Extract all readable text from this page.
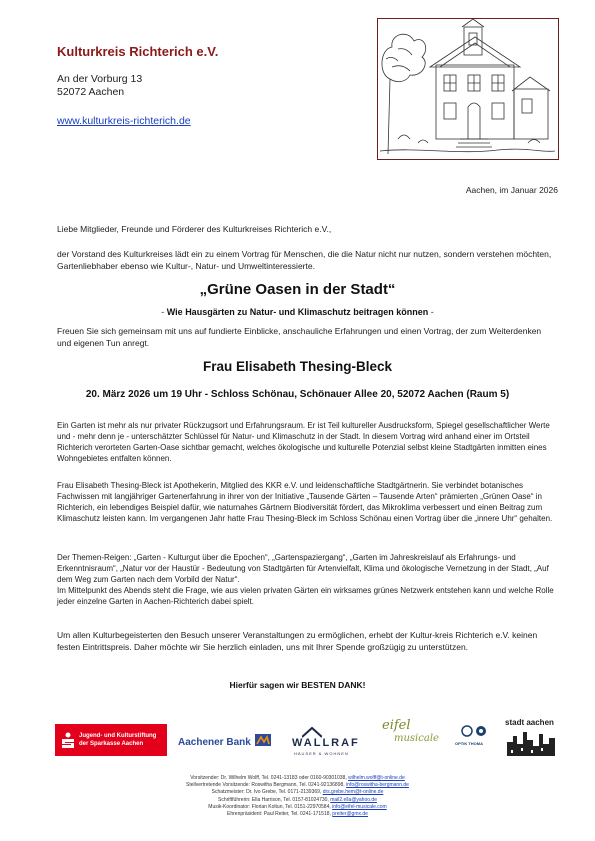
Kulturkreis Richterich e.V.
An der Vorburg 13
52072 Aachen
www.kulturkreis-richterich.de
Aachen, im Januar 2026
Liebe Mitglieder, Freunde und Förderer des Kulturkreises Richterich e.V.,
der Vorstand des Kulturkreises lädt ein zu einem Vortrag für Menschen, die die Natur nicht nur nutzen, sondern verstehen möchten, Gartenliebhaber ebenso wie Kultur-, Natur- und Umweltinteressierte.
„Grüne Oasen in der Stadt“
- Wie Hausgärten zu Natur- und Klimaschutz beitragen können -
Freuen Sie sich gemeinsam mit uns auf fundierte Einblicke, anschauliche Erfahrungen und einen Vortrag, der zum Weiterdenken und eigenen Tun anregt.
Frau Elisabeth Thesing-Bleck
20. März 2026 um 19 Uhr - Schloss Schönau, Schönauer Allee 20, 52072 Aachen (Raum 5)
Ein Garten ist mehr als nur privater Rückzugsort und Erfahrungsraum. Er ist Teil kultureller Ausdrucksform, Spiegel gesellschaftlicher Werte und - mehr denn je - unterschätzter Schlüssel für Natur- und Klimaschutz in der Stadt. In diesem Vortrag wird anhand einer im Ortsteil Richterich verorteten Garten-Oase sichtbar gemacht, welches ökologische und kulturelle Potenzial selbst kleine Stadtgärten inmitten eines Wohngebietes entfalten können.
Frau Elisabeth Thesing-Bleck ist Apothekerin, Mitglied des KKR e.V. und leidenschaftliche Stadtgärtnerin. Sie verbindet botanisches Fachwissen mit langjähriger Gartenerfahrung in ihrer von der Initiative „Tausende Gärten – Tausende Arten“ prämierten „Grünen Oase“ in Richterich, ein lebendiges Beispiel dafür, wie naturnahes Gärtnern Biodiversität fördert, das Mikroklima verbessert und einen Beitrag zum Klimaschutz leisten kann. Im vergangenen Jahr hatte Frau Thesing-Bleck im Schloss Schönau einen Vortrag über die „innere Uhr“ gehalten.
Der Themen-Reigen: „Garten - Kulturgut über die Epochen“, „Gartenspaziergang“, „Garten im Jahreskreislauf als Erfahrungs- und Erkenntnisraum“, „Natur vor der Haustür - Bedeutung von Stadtgärten für Artenvielfalt, Klima und ökologische Vernetzung in der Stadt, „Auf dem Weg zum Garten nach dem Vorbild der Natur“.
Im Mittelpunkt des Abends steht die Frage, wie aus vielen privaten Gärten ein wirksames grünes Netzwerk entstehen kann und welche Rolle jeder einzelne Garten in Aachen-Richterich dabei spielt.
Um allen Kulturbegeisterten den Besuch unserer Veranstaltungen zu ermöglichen, erhebt der Kultur-kreis Richterich e.V. keinen festen Eintrittspreis. Daher möchte wir Sie herzlich einladen, uns mit Ihrer Spende großzügig zu unterstützen.
Hierfür sagen wir BESTEN DANK!
Jugend- und Kulturstiftung
der Sparkasse Aachen	Aachener Bank	WALLRAF
HÄUSER & WOHNEN
eifel
musicale	OPTIK THOMA
stadt aachen
Vorsitzender: Dr. Wilhelm Wolff, Tel. 0241-13183 oder 0160-90301038, wilhelm.wolff@t-online.de
Stellvertretende Vorsitzende: Roswitha Bergmann, Tel. 0241-92136898, info@roswitha-bergmann.de
Schatzmeister: Dr. Ivo Grebe, Tel. 0171-2139369, drs.grebe.hem@t-online.de
Schriftführerin: Ella Harrison, Tel. 0157-81024730, mail2.ella@yahoo.de
Musik-Koordinator: Florian Koltun, Tel. 0151-22970584, info@eifel-musicale.com
Ehrenpräsident: Paul Reiter, Tel. 0241-171518, preiter@gmx.de
